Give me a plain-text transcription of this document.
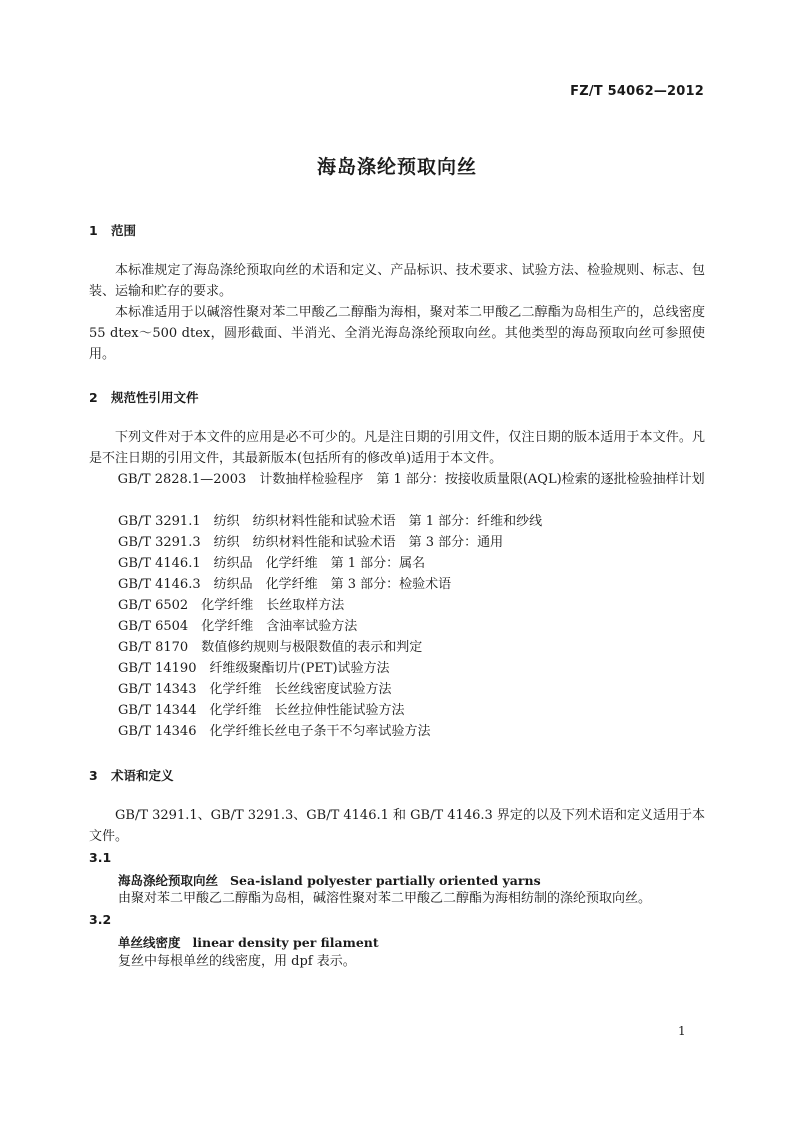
FZ/T 54062—2012
海岛涤纶预取向丝
1 范围
本标准规定了海岛涤纶预取向丝的术语和定义、产品标识、技术要求、试验方法、检验规则、标志、包装、运输和贮存的要求。
本标准适用于以碱溶性聚对苯二甲酸乙二醇酯为海相，聚对苯二甲酸乙二醇酯为岛相生产的，总线密度 55 dtex～500 dtex，圆形截面、半消光、全消光海岛涤纶预取向丝。其他类型的海岛预取向丝可参照使用。
2 规范性引用文件
下列文件对于本文件的应用是必不可少的。凡是注日期的引用文件，仅注日期的版本适用于本文件。凡是不注日期的引用文件，其最新版本(包括所有的修改单)适用于本文件。
GB/T 2828.1—2003　 计数抽样检验程序　第 1 部分：按接收质量限(AQL)检索的逐批检验抽样计划
GB/T 3291.1　 纺织　纺织材料性能和试验术语　第 1 部分：纤维和纱线
GB/T 3291.3　 纺织　纺织材料性能和试验术语　第 3 部分：通用
GB/T 4146.1　 纺织品　化学纤维　第 1 部分：属名
GB/T 4146.3　 纺织品　化学纤维　第 3 部分：检验术语
GB/T 6502　 化学纤维　长丝取样方法
GB/T 6504　 化学纤维　含油率试验方法
GB/T 8170　 数值修约规则与极限数值的表示和判定
GB/T 14190　 纤维级聚酯切片(PET)试验方法
GB/T 14343　 化学纤维　长丝线密度试验方法
GB/T 14344　 化学纤维　长丝拉伸性能试验方法
GB/T 14346　 化学纤维长丝电子条干不匀率试验方法
3 术语和定义
GB/T 3291.1、GB/T 3291.3、GB/T 4146.1 和 GB/T 4146.3 界定的以及下列术语和定义适用于本文件。
3.1
海岛涤纶预取向丝 Sea-island polyester partially oriented yarns
由聚对苯二甲酸乙二醇酯为岛相，碱溶性聚对苯二甲酸乙二醇酯为海相纺制的涤纶预取向丝。
3.2
单丝线密度 linear density per filament
复丝中每根单丝的线密度，用 dpf 表示。
1
